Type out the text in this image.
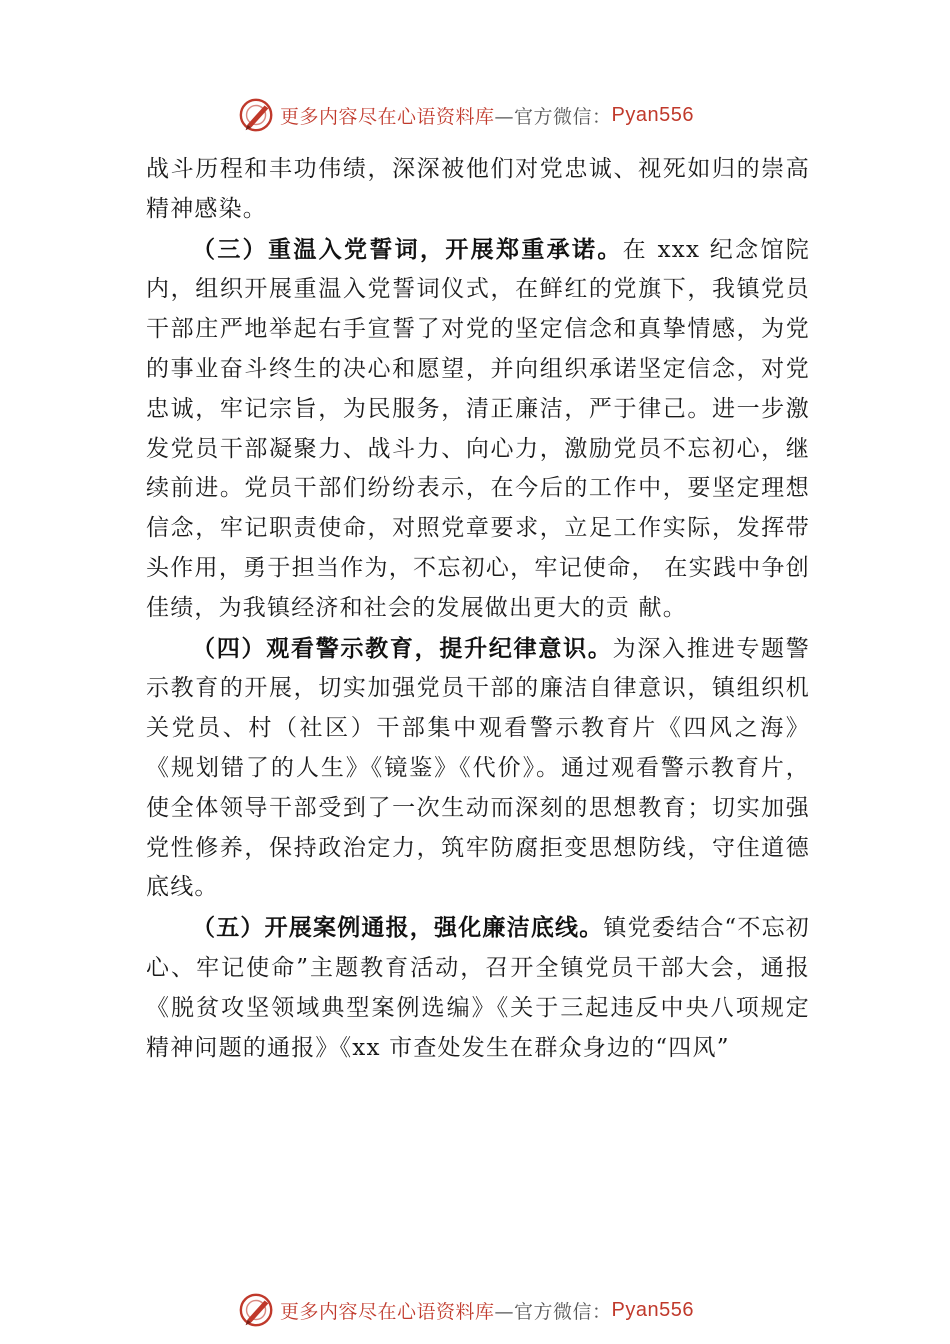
更多内容尽在心语资料库 —官方微信： Pyan556

战斗历程和丰功伟绩，深深被他们对党忠诚、视死如归的崇高精神感染。

（三）重温入党誓词，开展郑重承诺。在 xxx 纪念馆院内，组织开展重温入党誓词仪式，在鲜红的党旗下，我镇党员干部庄严地举起右手宣誓了对党的坚定信念和真挚情感，为党的事业奋斗终生的决心和愿望，并向组织承诺坚定信念，对党忠诚，牢记宗旨，为民服务，清正廉洁，严于律己。进一步激发党员干部凝聚力、战斗力、向心力，激励党员不忘初心，继续前进。党员干部们纷纷表示，在今后的工作中，要坚定理想信念，牢记职责使命，对照党章要求，立足工作实际，发挥带头作用，勇于担当作为，不忘初心，牢记使命， 在实践中争创佳绩，为我镇经济和社会的发展做出更大的贡 献。

（四）观看警示教育，提升纪律意识。为深入推进专题警示教育的开展，切实加强党员干部的廉洁自律意识，镇组织机关党员、村（社区）干部集中观看警示教育片《四风之海》《规划错了的人生》《镜鉴》《代价》。通过观看警示教育片，使全体领导干部受到了一次生动而深刻的思想教育；切实加强党性修养，保持政治定力，筑牢防腐拒变思想防线，守住道德底线。

（五）开展案例通报，强化廉洁底线。镇党委结合“不忘初心、牢记使命”主题教育活动，召开全镇党员干部大会，通报《脱贫攻坚领域典型案例选编》《关于三起违反中央八项规定精神问题的通报》《xx 市查处发生在群众身边的“四风”

更多内容尽在心语资料库 —官方微信： Pyan556
